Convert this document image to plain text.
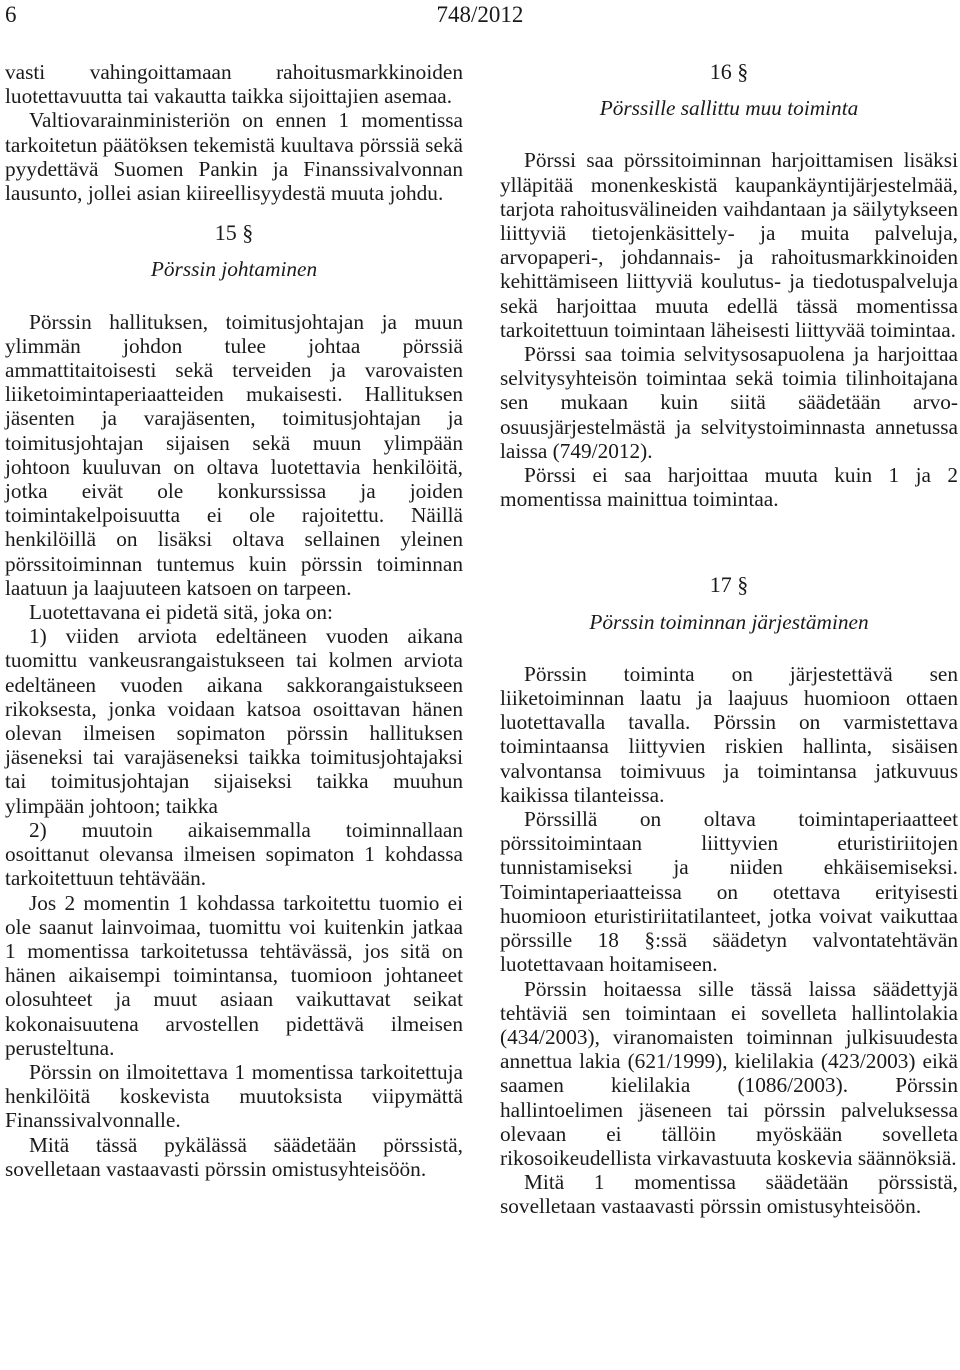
6	748/2012

vasti vahingoittamaan rahoitusmarkkinoiden luotettavuutta tai vakautta taikka sijoittajien asemaa.

Valtiovarainministeriön on ennen 1 momentissa tarkoitetun päätöksen tekemistä kuultava pörssiä sekä pyydettävä Suomen Pankin ja Finanssivalvonnan lausunto, jollei asian kiireellisyydestä muuta johdu.

15 §
Pörssin johtaminen

Pörssin hallituksen, toimitusjohtajan ja muun ylimmän johdon tulee johtaa pörssiä ammattitaitoisesti sekä terveiden ja varovaisten liiketoimintaperiaatteiden mukaisesti. Hallituksen jäsenten ja varajäsenten, toimitusjohtajan ja toimitusjohtajan sijaisen sekä muun ylimpään johtoon kuuluvan on oltava luotettavia henkilöitä, jotka eivät ole konkurssissa ja joiden toimintakelpoisuutta ei ole rajoitettu. Näillä henkilöillä on lisäksi oltava sellainen yleinen pörssitoiminnan tuntemus kuin pörssin toiminnan laatuun ja laajuuteen katsoen on tarpeen.

Luotettavana ei pidetä sitä, joka on:

1) viiden arviota edeltäneen vuoden aikana tuomittu vankeusrangaistukseen tai kolmen arviota edeltäneen vuoden aikana sakkorangaistukseen rikoksesta, jonka voidaan katsoa osoittavan hänen olevan ilmeisen sopimaton pörssin hallituksen jäseneksi tai varajäseneksi taikka toimitusjohtajaksi tai toimitusjohtajan sijaiseksi taikka muuhun ylimpään johtoon; taikka

2) muutoin aikaisemmalla toiminnallaan osoittanut olevansa ilmeisen sopimaton 1 kohdassa tarkoitettuun tehtävään.

Jos 2 momentin 1 kohdassa tarkoitettu tuomio ei ole saanut lainvoimaa, tuomittu voi kuitenkin jatkaa 1 momentissa tarkoitetussa tehtävässä, jos sitä on hänen aikaisempi toimintansa, tuomioon johtaneet olosuhteet ja muut asiaan vaikuttavat seikat kokonaisuutena arvostellen pidettävä ilmeisen perusteltuna.

Pörssin on ilmoitettava 1 momentissa tarkoitettuja henkilöitä koskevista muutoksista viipymättä Finanssivalvonnalle.

Mitä tässä pykälässä säädetään pörssistä, sovelletaan vastaavasti pörssin omistusyhteisöön.

16 §
Pörssille sallittu muu toiminta

Pörssi saa pörssitoiminnan harjoittamisen lisäksi ylläpitää monenkeskistä kaupankäyntijärjestelmää, tarjota rahoitusvälineiden vaihdantaan ja säilytykseen liittyviä tietojenkäsittely- ja muita palveluja, arvopaperi-, johdannais- ja rahoitusmarkkinoiden kehittämiseen liittyviä koulutus- ja tiedotuspalveluja sekä harjoittaa muuta edellä tässä momentissa tarkoitettuun toimintaan läheisesti liittyvää toimintaa.

Pörssi saa toimia selvitysosapuolena ja harjoittaa selvitysyhteisön toimintaa sekä toimia tilinhoitajana sen mukaan kuin siitä säädetään arvo-osuusjärjestelmästä ja selvitystoiminnasta annetussa laissa (749/2012).

Pörssi ei saa harjoittaa muuta kuin 1 ja 2 momentissa mainittua toimintaa.

17 §
Pörssin toiminnan järjestäminen

Pörssin toiminta on järjestettävä sen liiketoiminnan laatu ja laajuus huomioon ottaen luotettavalla tavalla. Pörssin on varmistettava toimintaansa liittyvien riskien hallinta, sisäisen valvontansa toimivuus ja toimintansa jatkuvuus kaikissa tilanteissa.

Pörssillä on oltava toimintaperiaatteet pörssitoimintaan liittyvien eturistiriitojen tunnistamiseksi ja niiden ehkäisemiseksi. Toimintaperiaatteissa on otettava erityisesti huomioon eturistiriitatilanteet, jotka voivat vaikuttaa pörssille 18 §:ssä säädetyn valvontatehtävän luotettavaan hoitamiseen.

Pörssin hoitaessa sille tässä laissa säädettyjä tehtäviä sen toimintaan ei sovelleta hallintolakia (434/2003), viranomaisten toiminnan julkisuudesta annettua lakia (621/1999), kielilakia (423/2003) eikä saamen kielilakia (1086/2003). Pörssin hallintoelimen jäseneen tai pörssin palveluksessa olevaan ei tällöin myöskään sovelleta rikosoikeudellista virkavastuuta koskevia säännöksiä.

Mitä 1 momentissa säädetään pörssistä, sovelletaan vastaavasti pörssin omistusyhteisöön.
